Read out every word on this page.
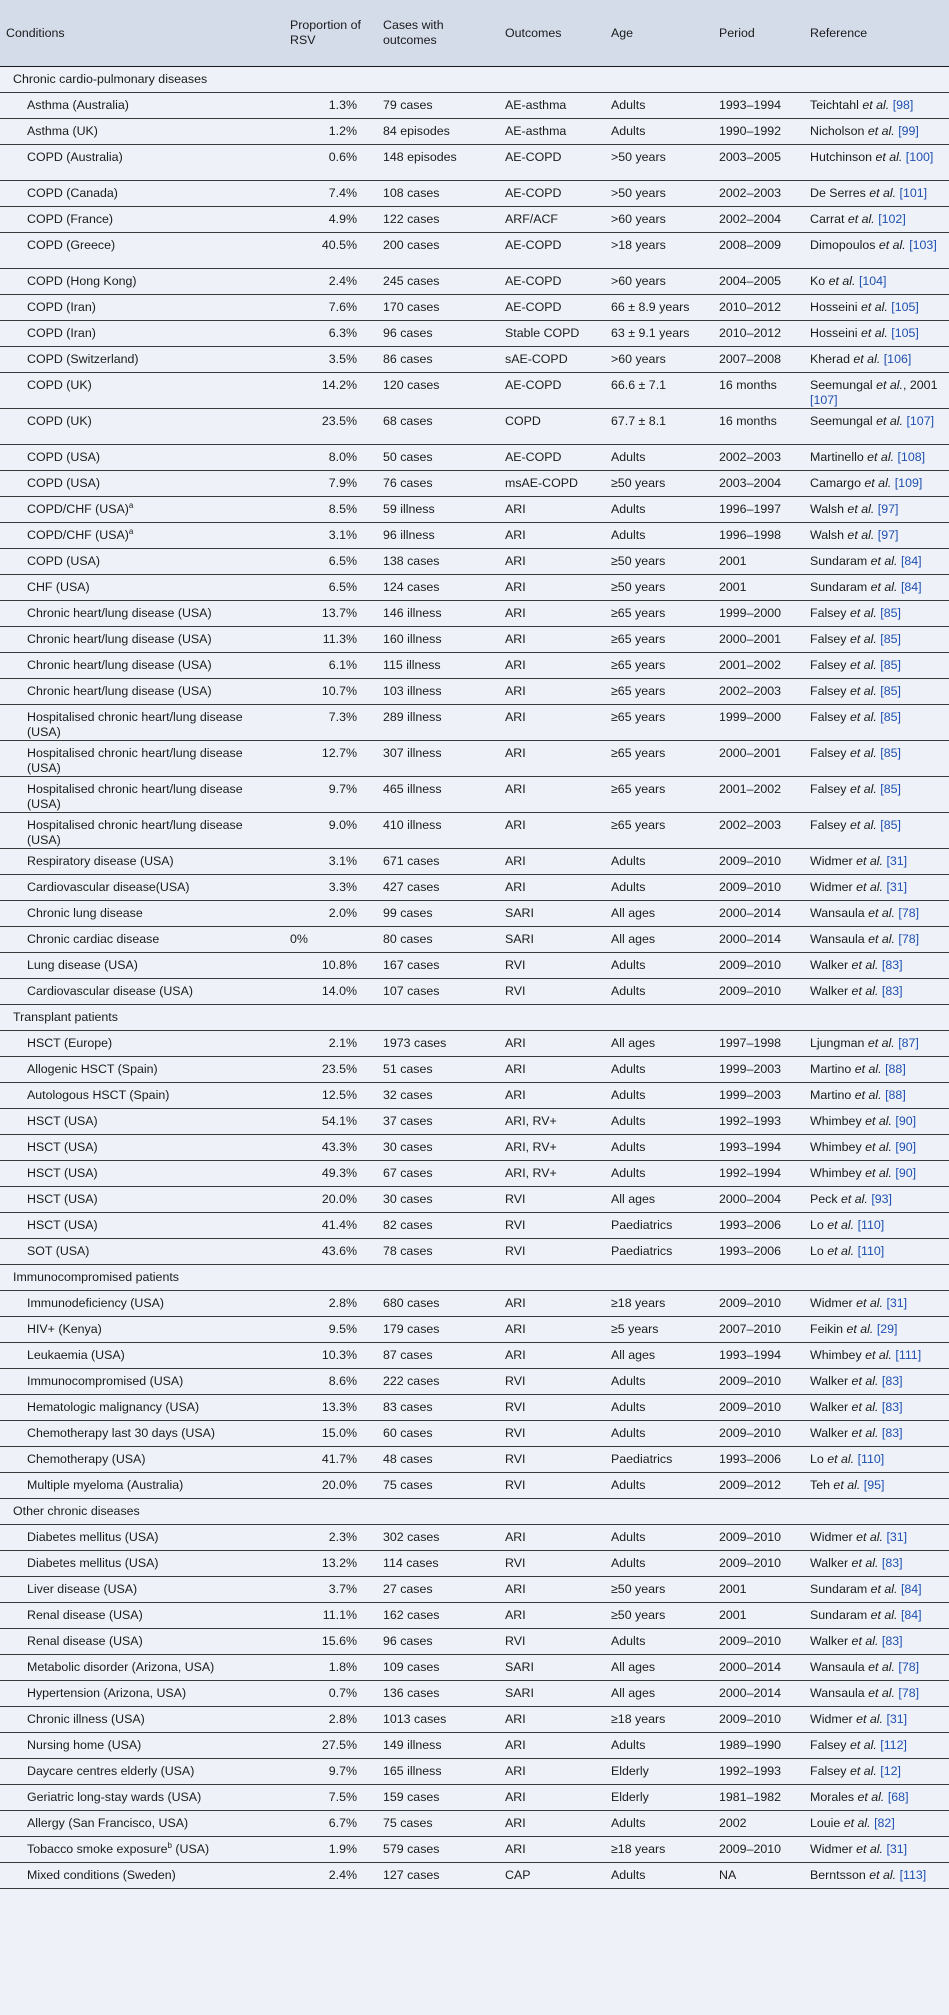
Conditions	Proportion of RSV	Cases with outcomes	Outcomes	Age	Period	Reference
Chronic cardio-pulmonary diseases						
Asthma (Australia)	1.3%	79 cases	AE-asthma	Adults	1993–1994	Teichtahl et al. [98]
Asthma (UK)	1.2%	84 episodes	AE-asthma	Adults	1990–1992	Nicholson et al. [99]
COPD (Australia)	0.6%	148 episodes	AE-COPD	>50 years	2003–2005	Hutchinson et al. [100]
COPD (Canada)	7.4%	108 cases	AE-COPD	>50 years	2002–2003	De Serres et al. [101]
COPD (France)	4.9%	122 cases	ARF/ACF	>60 years	2002–2004	Carrat et al. [102]
COPD (Greece)	40.5%	200 cases	AE-COPD	>18 years	2008–2009	Dimopoulos et al. [103]
COPD (Hong Kong)	2.4%	245 cases	AE-COPD	>60 years	2004–2005	Ko et al. [104]
COPD (Iran)	7.6%	170 cases	AE-COPD	66 ± 8.9 years	2010–2012	Hosseini et al. [105]
COPD (Iran)	6.3%	96 cases	Stable COPD	63 ± 9.1 years	2010–2012	Hosseini et al. [105]
COPD (Switzerland)	3.5%	86 cases	sAE-COPD	>60 years	2007–2008	Kherad et al. [106]
COPD (UK)	14.2%	120 cases	AE-COPD	66.6 ± 7.1	16 months	Seemungal et al., 2001 [107]
COPD (UK)	23.5%	68 cases	COPD	67.7 ± 8.1	16 months	Seemungal et al. [107]
COPD (USA)	8.0%	50 cases	AE-COPD	Adults	2002–2003	Martinello et al. [108]
COPD (USA)	7.9%	76 cases	msAE-COPD	≥50 years	2003–2004	Camargo et al. [109]
COPD/CHF (USA)$^a$	8.5%	59 illness	ARI	Adults	1996–1997	Walsh et al. [97]
COPD/CHF (USA)$^a$	3.1%	96 illness	ARI	Adults	1996–1998	Walsh et al. [97]
COPD (USA)	6.5%	138 cases	ARI	≥50 years	2001	Sundaram et al. [84]
CHF (USA)	6.5%	124 cases	ARI	≥50 years	2001	Sundaram et al. [84]
Chronic heart/lung disease (USA)	13.7%	146 illness	ARI	≥65 years	1999–2000	Falsey et al. [85]
Chronic heart/lung disease (USA)	11.3%	160 illness	ARI	≥65 years	2000–2001	Falsey et al. [85]
Chronic heart/lung disease (USA)	6.1%	115 illness	ARI	≥65 years	2001–2002	Falsey et al. [85]
Chronic heart/lung disease (USA)	10.7%	103 illness	ARI	≥65 years	2002–2003	Falsey et al. [85]
Hospitalised chronic heart/lung disease (USA)	7.3%	289 illness	ARI	≥65 years	1999–2000	Falsey et al. [85]
Hospitalised chronic heart/lung disease (USA)	12.7%	307 illness	ARI	≥65 years	2000–2001	Falsey et al. [85]
Hospitalised chronic heart/lung disease (USA)	9.7%	465 illness	ARI	≥65 years	2001–2002	Falsey et al. [85]
Hospitalised chronic heart/lung disease (USA)	9.0%	410 illness	ARI	≥65 years	2002–2003	Falsey et al. [85]
Respiratory disease (USA)	3.1%	671 cases	ARI	Adults	2009–2010	Widmer et al. [31]
Cardiovascular disease(USA)	3.3%	427 cases	ARI	Adults	2009–2010	Widmer et al. [31]
Chronic lung disease	2.0%	99 cases	SARI	All ages	2000–2014	Wansaula et al. [78]
Chronic cardiac disease	0%	80 cases	SARI	All ages	2000–2014	Wansaula et al. [78]
Lung disease (USA)	10.8%	167 cases	RVI	Adults	2009–2010	Walker et al. [83]
Cardiovascular disease (USA)	14.0%	107 cases	RVI	Adults	2009–2010	Walker et al. [83]
Transplant patients						
HSCT (Europe)	2.1%	1973 cases	ARI	All ages	1997–1998	Ljungman et al. [87]
Allogenic HSCT (Spain)	23.5%	51 cases	ARI	Adults	1999–2003	Martino et al. [88]
Autologous HSCT (Spain)	12.5%	32 cases	ARI	Adults	1999–2003	Martino et al. [88]
HSCT (USA)	54.1%	37 cases	ARI, RV+	Adults	1992–1993	Whimbey et al. [90]
HSCT (USA)	43.3%	30 cases	ARI, RV+	Adults	1993–1994	Whimbey et al. [90]
HSCT (USA)	49.3%	67 cases	ARI, RV+	Adults	1992–1994	Whimbey et al. [90]
HSCT (USA)	20.0%	30 cases	RVI	All ages	2000–2004	Peck et al. [93]
HSCT (USA)	41.4%	82 cases	RVI	Paediatrics	1993–2006	Lo et al. [110]
SOT (USA)	43.6%	78 cases	RVI	Paediatrics	1993–2006	Lo et al. [110]
Immunocompromised patients						
Immunodeficiency (USA)	2.8%	680 cases	ARI	≥18 years	2009–2010	Widmer et al. [31]
HIV+ (Kenya)	9.5%	179 cases	ARI	≥5 years	2007–2010	Feikin et al. [29]
Leukaemia (USA)	10.3%	87 cases	ARI	All ages	1993–1994	Whimbey et al. [111]
Immunocompromised (USA)	8.6%	222 cases	RVI	Adults	2009–2010	Walker et al. [83]
Hematologic malignancy (USA)	13.3%	83 cases	RVI	Adults	2009–2010	Walker et al. [83]
Chemotherapy last 30 days (USA)	15.0%	60 cases	RVI	Adults	2009–2010	Walker et al. [83]
Chemotherapy (USA)	41.7%	48 cases	RVI	Paediatrics	1993–2006	Lo et al. [110]
Multiple myeloma (Australia)	20.0%	75 cases	RVI	Adults	2009–2012	Teh et al. [95]
Other chronic diseases						
Diabetes mellitus (USA)	2.3%	302 cases	ARI	Adults	2009–2010	Widmer et al. [31]
Diabetes mellitus (USA)	13.2%	114 cases	RVI	Adults	2009–2010	Walker et al. [83]
Liver disease (USA)	3.7%	27 cases	ARI	≥50 years	2001	Sundaram et al. [84]
Renal disease (USA)	11.1%	162 cases	ARI	≥50 years	2001	Sundaram et al. [84]
Renal disease (USA)	15.6%	96 cases	RVI	Adults	2009–2010	Walker et al. [83]
Metabolic disorder (Arizona, USA)	1.8%	109 cases	SARI	All ages	2000–2014	Wansaula et al. [78]
Hypertension (Arizona, USA)	0.7%	136 cases	SARI	All ages	2000–2014	Wansaula et al. [78]
Chronic illness (USA)	2.8%	1013 cases	ARI	≥18 years	2009–2010	Widmer et al. [31]
Nursing home (USA)	27.5%	149 illness	ARI	Adults	1989–1990	Falsey et al. [112]
Daycare centres elderly (USA)	9.7%	165 illness	ARI	Elderly	1992–1993	Falsey et al. [12]
Geriatric long-stay wards (USA)	7.5%	159 cases	ARI	Elderly	1981–1982	Morales et al. [68]
Allergy (San Francisco, USA)	6.7%	75 cases	ARI	Adults	2002	Louie et al. [82]
Tobacco smoke exposure$^b$ (USA)	1.9%	579 cases	ARI	≥18 years	2009–2010	Widmer et al. [31]
Mixed conditions (Sweden)	2.4%	127 cases	CAP	Adults	NA	Berntsson et al. [113]
